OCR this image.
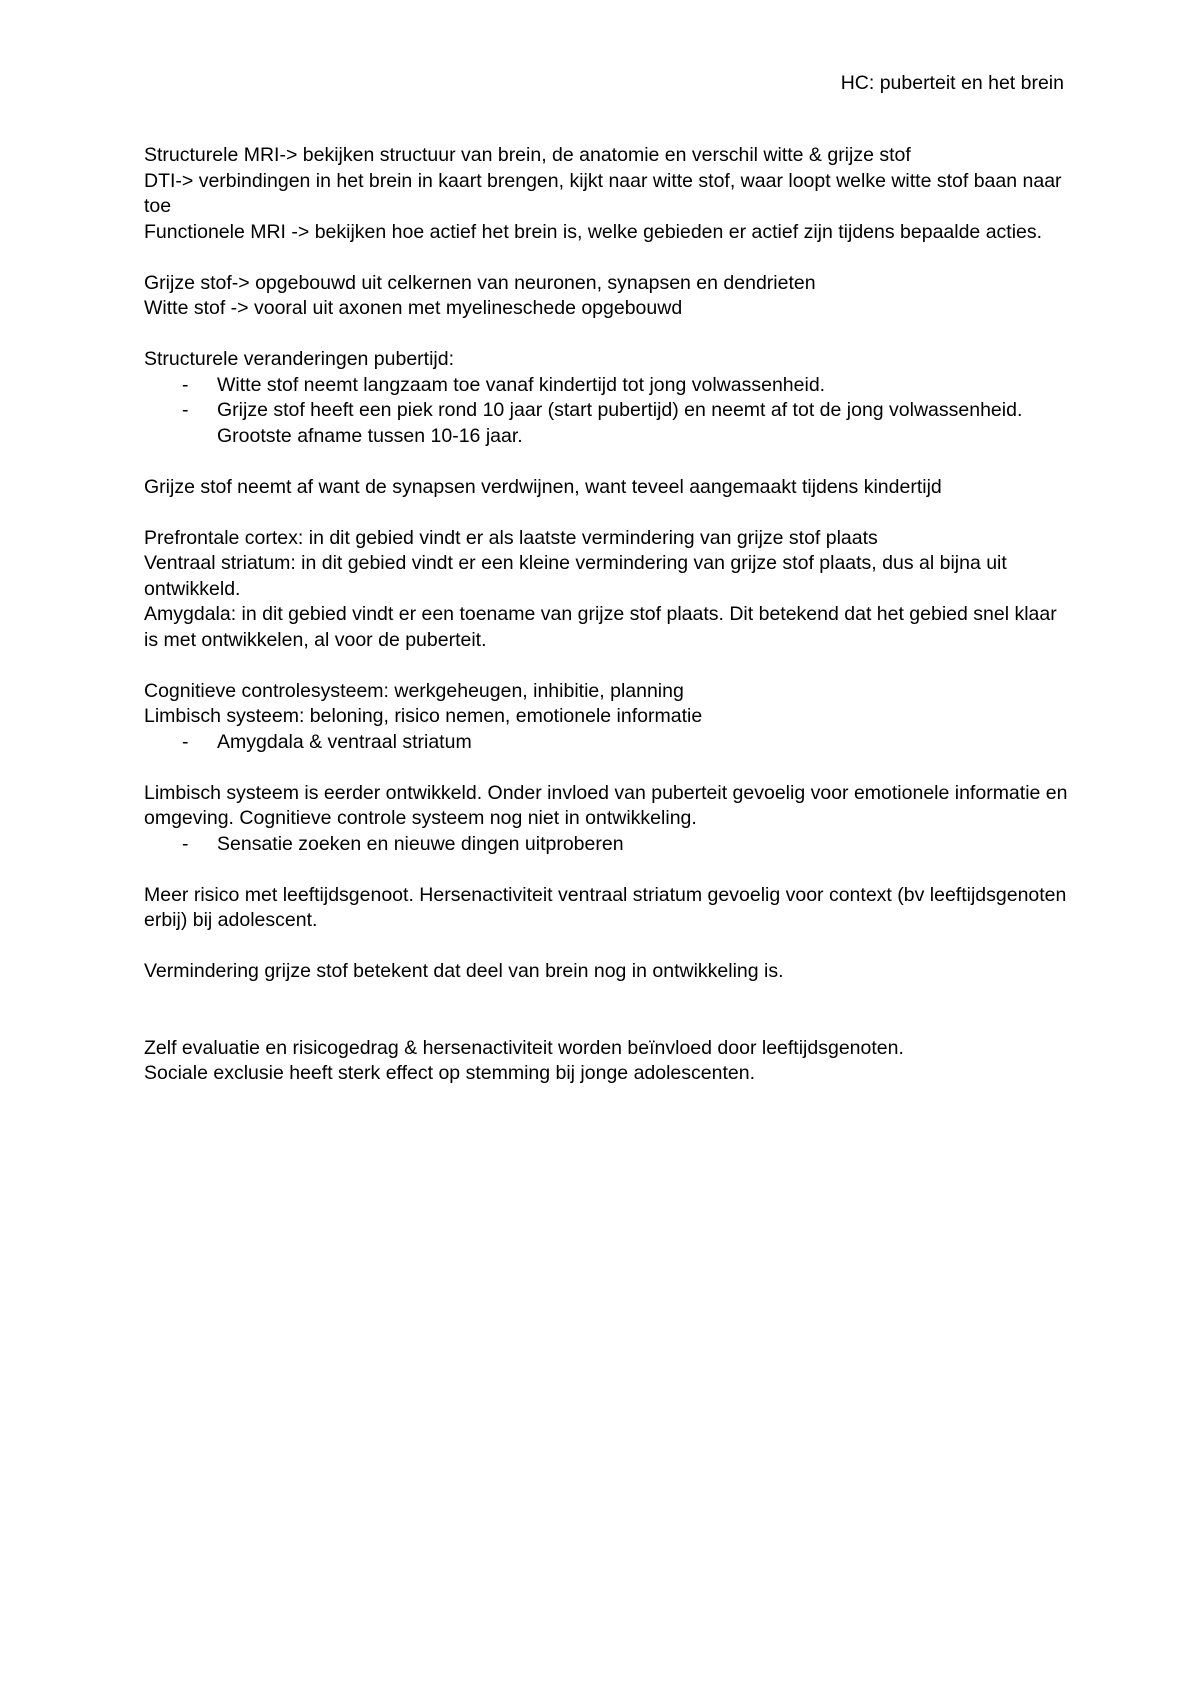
HC: puberteit en het brein

Structurele MRI-> bekijken structuur van brein, de anatomie en verschil witte & grijze stof

DTI-> verbindingen in het brein in kaart brengen, kijkt naar witte stof, waar loopt welke witte stof baan naar toe

Functionele MRI -> bekijken hoe actief het brein is, welke gebieden er actief zijn tijdens bepaalde acties.

Grijze stof-> opgebouwd uit celkernen van neuronen, synapsen en dendrieten

Witte stof -> vooral uit axonen met myelineschede opgebouwd

Structurele veranderingen pubertijd:

- Witte stof neemt langzaam toe vanaf kindertijd tot jong volwassenheid.
- Grijze stof heeft een piek rond 10 jaar (start pubertijd) en neemt af tot de jong volwassenheid. Grootste afname tussen 10-16 jaar.

Grijze stof neemt af want de synapsen verdwijnen, want teveel aangemaakt tijdens kindertijd

Prefrontale cortex: in dit gebied vindt er als laatste vermindering van grijze stof plaats

Ventraal striatum: in dit gebied vindt er een kleine vermindering van grijze stof plaats, dus al bijna uit ontwikkeld.

Amygdala: in dit gebied vindt er een toename van grijze stof plaats. Dit betekend dat het gebied snel klaar is met ontwikkelen, al voor de puberteit.

Cognitieve controlesysteem: werkgeheugen, inhibitie, planning

Limbisch systeem: beloning, risico nemen, emotionele informatie

- Amygdala & ventraal striatum

Limbisch systeem is eerder ontwikkeld. Onder invloed van puberteit gevoelig voor emotionele informatie en omgeving. Cognitieve controle systeem nog niet in ontwikkeling.

- Sensatie zoeken en nieuwe dingen uitproberen

Meer risico met leeftijdsgenoot. Hersenactiviteit ventraal striatum gevoelig voor context (bv leeftijdsgenoten erbij) bij adolescent.

Vermindering grijze stof betekent dat deel van brein nog in ontwikkeling is.

Zelf evaluatie en risicogedrag & hersenactiviteit worden beïnvloed door leeftijdsgenoten.

Sociale exclusie heeft sterk effect op stemming bij jonge adolescenten.
